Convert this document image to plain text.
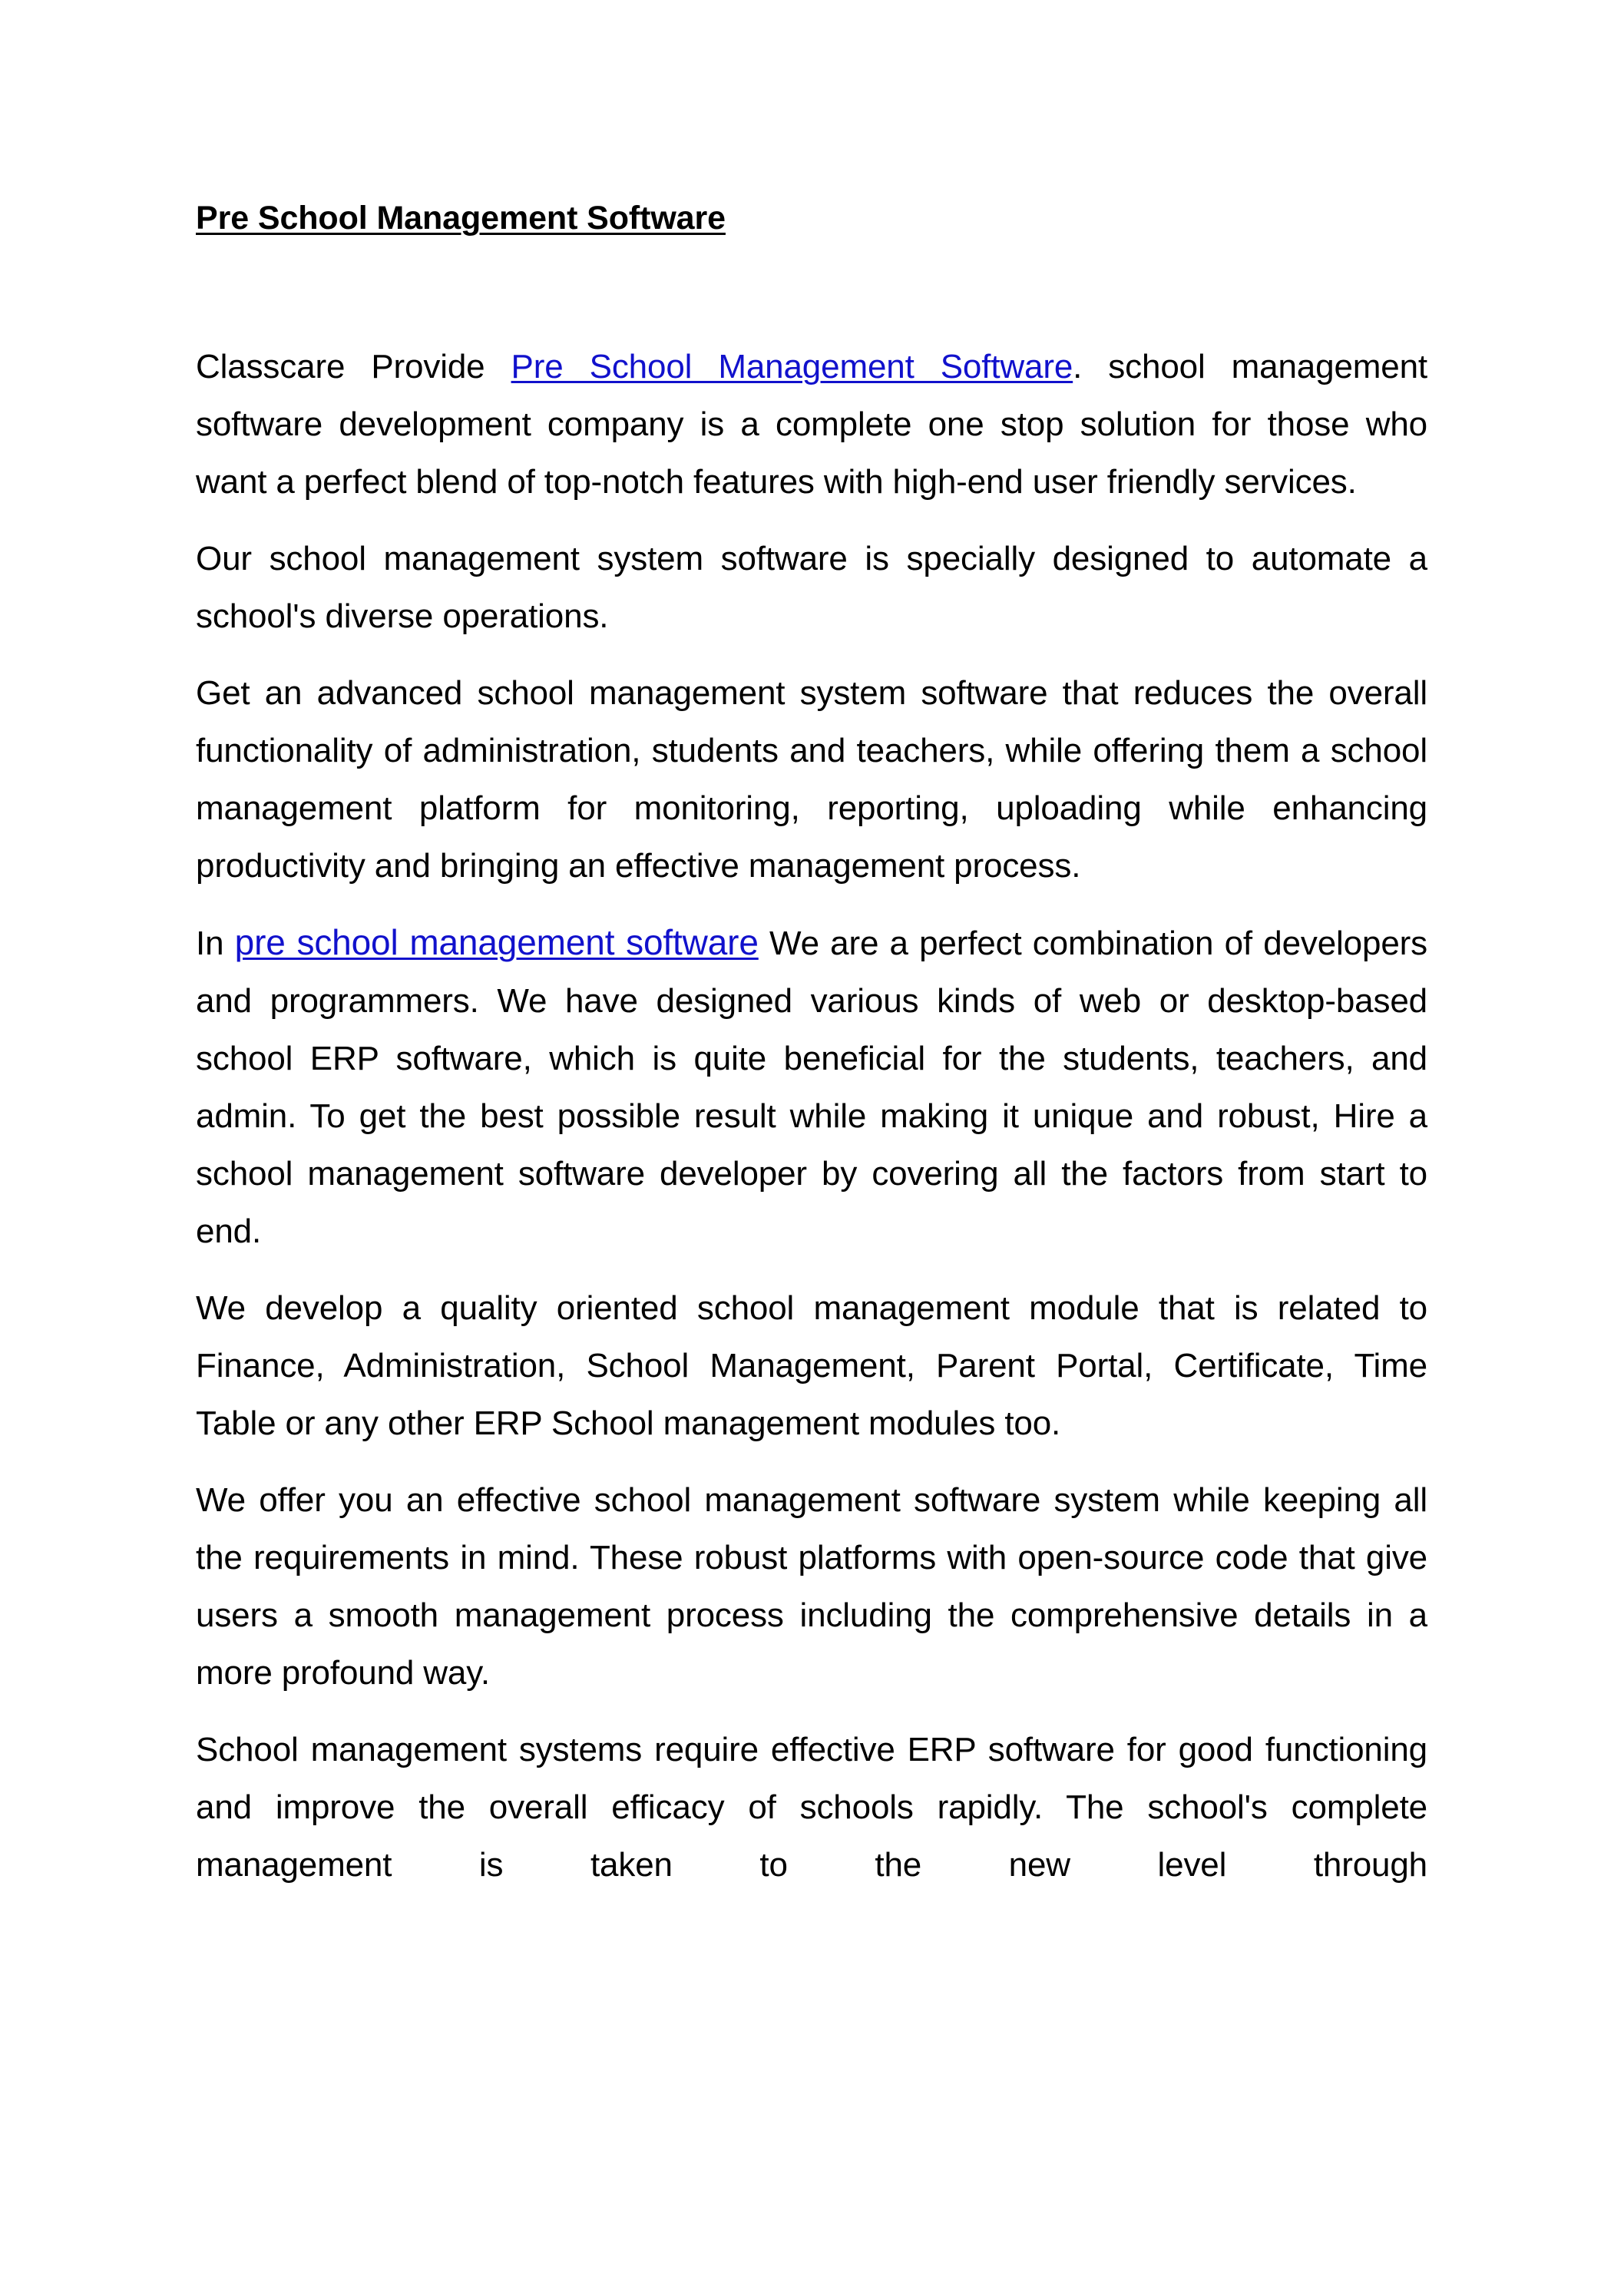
Pre School Management Software

Classcare Provide Pre School Management Software. school management software development company is a complete one stop solution for those who want a perfect blend of top-notch features with high-end user friendly services.

Our school management system software is specially designed to automate a school's diverse operations.

Get an advanced school management system software that reduces the overall functionality of administration, students and teachers, while offering them a school management platform for monitoring, reporting, uploading while enhancing productivity and bringing an effective management process.

In pre school management software We are a perfect combination of developers and programmers. We have designed various kinds of web or desktop-based school ERP software, which is quite beneficial for the students, teachers, and admin. To get the best possible result while making it unique and robust, Hire a school management software developer by covering all the factors from start to end.

We develop a quality oriented school management module that is related to Finance, Administration, School Management, Parent Portal, Certificate, Time Table or any other ERP School management modules too.

We offer you an effective school management software system while keeping all the requirements in mind. These robust platforms with open-source code that give users a smooth management process including the comprehensive details in a more profound way.

School management systems require effective ERP software for good functioning and improve the overall efficacy of schools rapidly. The school's complete management is taken to the new level through
